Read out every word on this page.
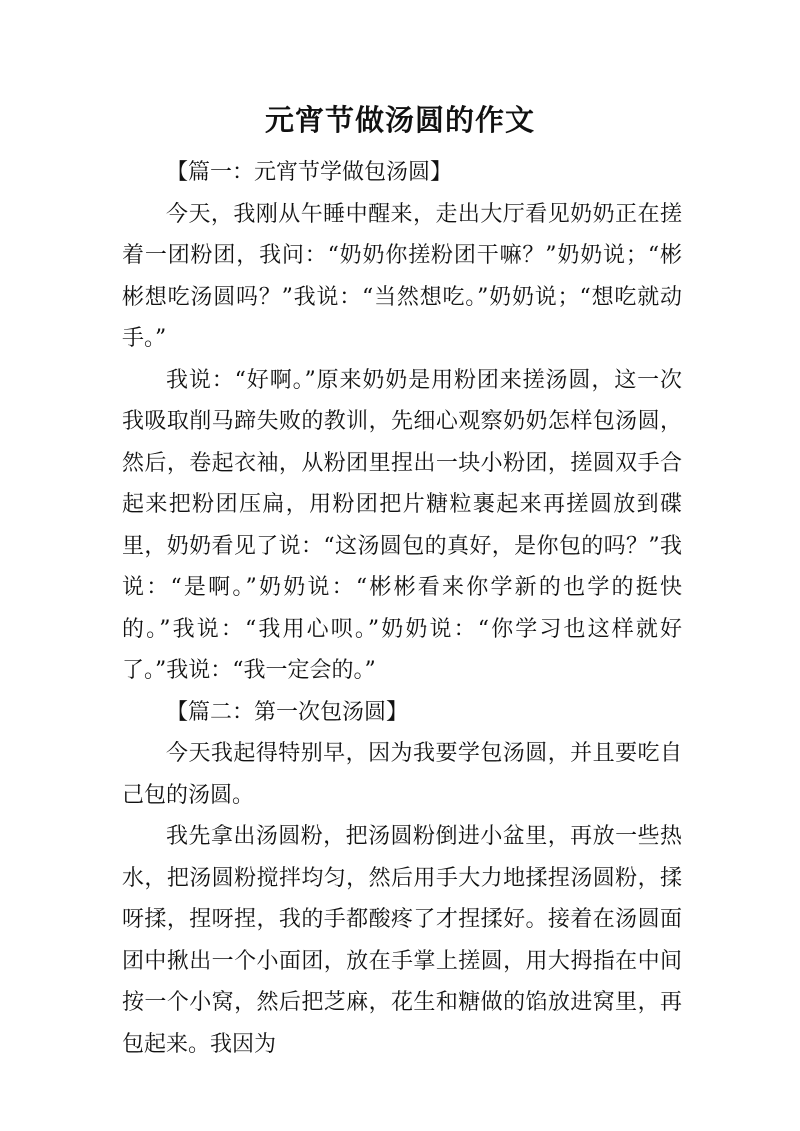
元宵节做汤圆的作文

【篇一：元宵节学做包汤圆】

今天，我刚从午睡中醒来，走出大厅看见奶奶正在搓着一团粉团，我问：“奶奶你搓粉团干嘛？”奶奶说；“彬彬想吃汤圆吗？”我说：“当然想吃。”奶奶说；“想吃就动手。”

我说：“好啊。”原来奶奶是用粉团来搓汤圆，这一次我吸取削马蹄失败的教训，先细心观察奶奶怎样包汤圆，然后，卷起衣袖，从粉团里捏出一块小粉团，搓圆双手合起来把粉团压扁，用粉团把片糖粒裹起来再搓圆放到碟里，奶奶看见了说：“这汤圆包的真好，是你包的吗？”我说：“是啊。”奶奶说：“彬彬看来你学新的也学的挺快的。”我说：“我用心呗。”奶奶说：“你学习也这样就好了。”我说：“我一定会的。”

【篇二：第一次包汤圆】

今天我起得特别早，因为我要学包汤圆，并且要吃自己包的汤圆。

我先拿出汤圆粉，把汤圆粉倒进小盆里，再放一些热水，把汤圆粉搅拌均匀，然后用手大力地揉捏汤圆粉，揉呀揉，捏呀捏，我的手都酸疼了才捏揉好。接着在汤圆面团中揪出一个小面团，放在手掌上搓圆，用大拇指在中间按一个小窝，然后把芝麻，花生和糖做的馅放进窝里，再包起来。我因为
